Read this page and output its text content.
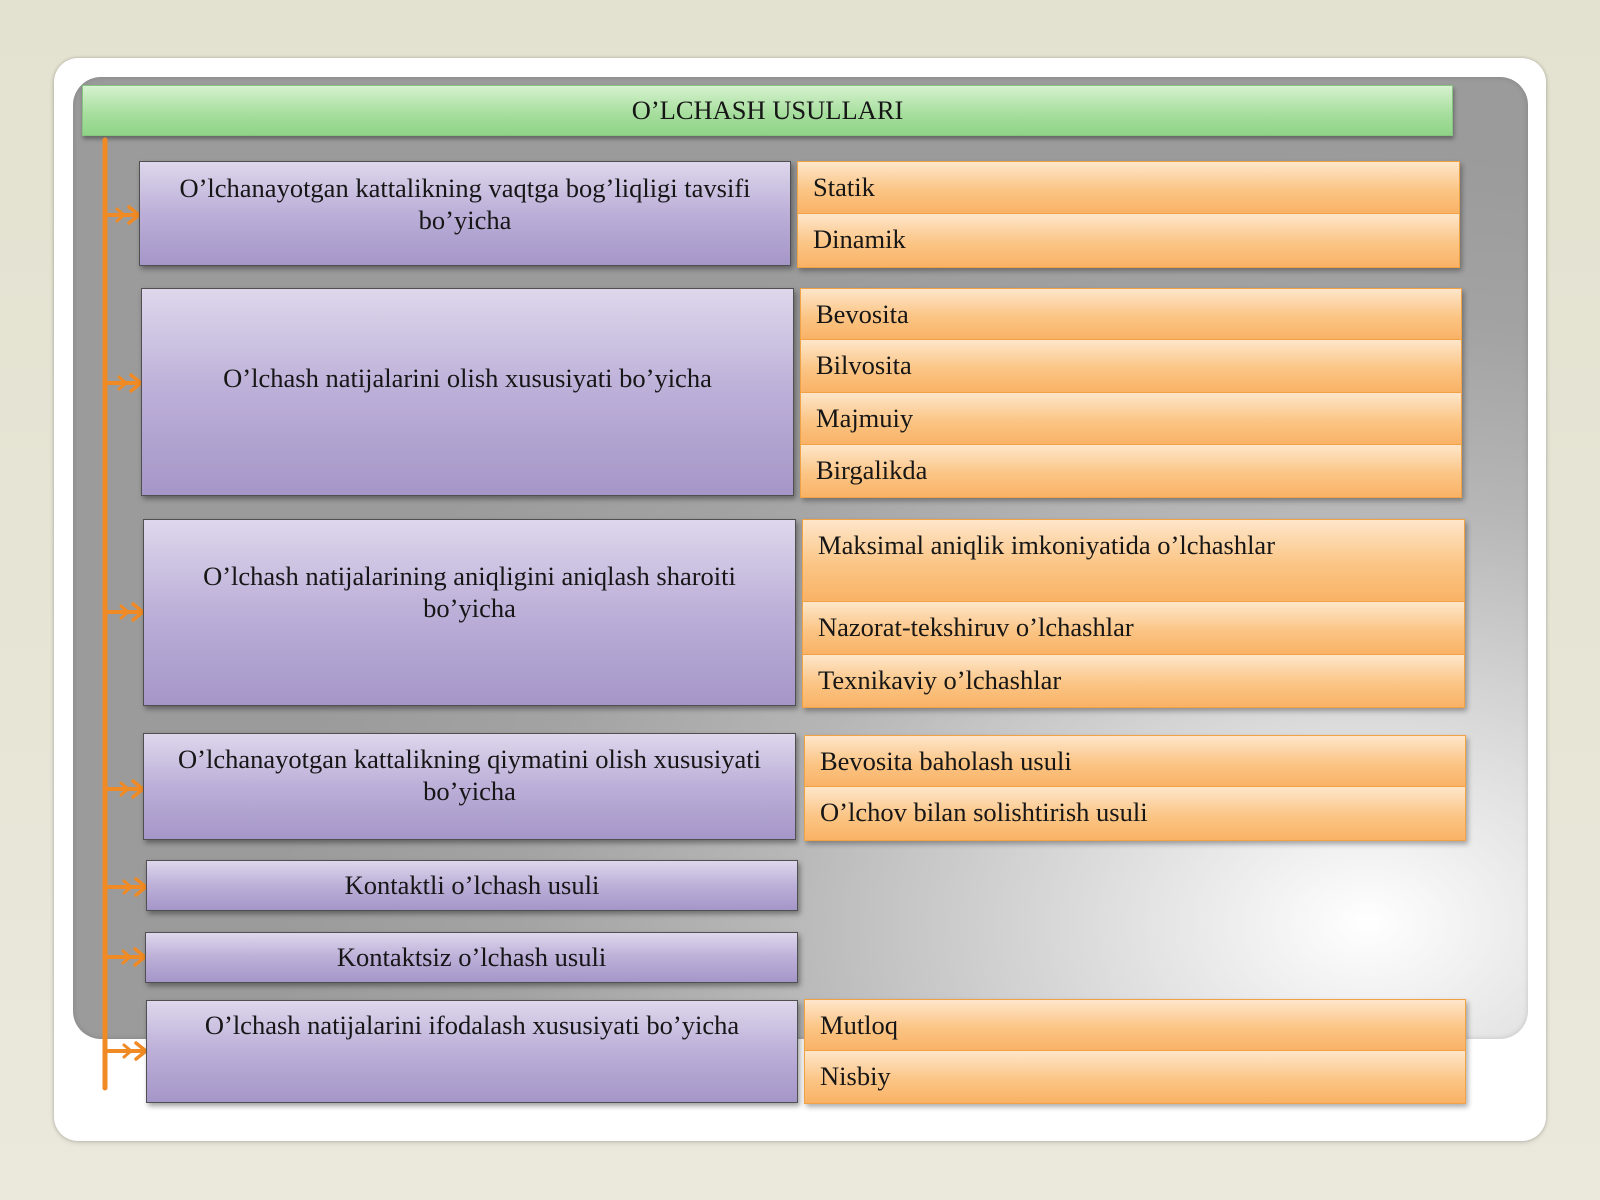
O’LCHASH USULLARI
O’lchanayotgan kattalikning vaqtga bog’liqligi tavsifi bo’yicha
Statik
Dinamik
O’lchash natijalarini olish xususiyati bo’yicha
Bevosita
Bilvosita
Majmuiy
Birgalikda
O’lchash natijalarining aniqligini aniqlash sharoiti bo’yicha
Maksimal aniqlik imkoniyatida o’lchashlar
Nazorat-tekshiruv o’lchashlar
Texnikaviy o’lchashlar
O’lchanayotgan kattalikning qiymatini olish xususiyati bo’yicha
Bevosita baholash usuli
O’lchov bilan solishtirish usuli
Kontaktli o’lchash usuli
Kontaktsiz o’lchash usuli
O’lchash natijalarini ifodalash xususiyati bo’yicha	Mutloq
Nisbiy
